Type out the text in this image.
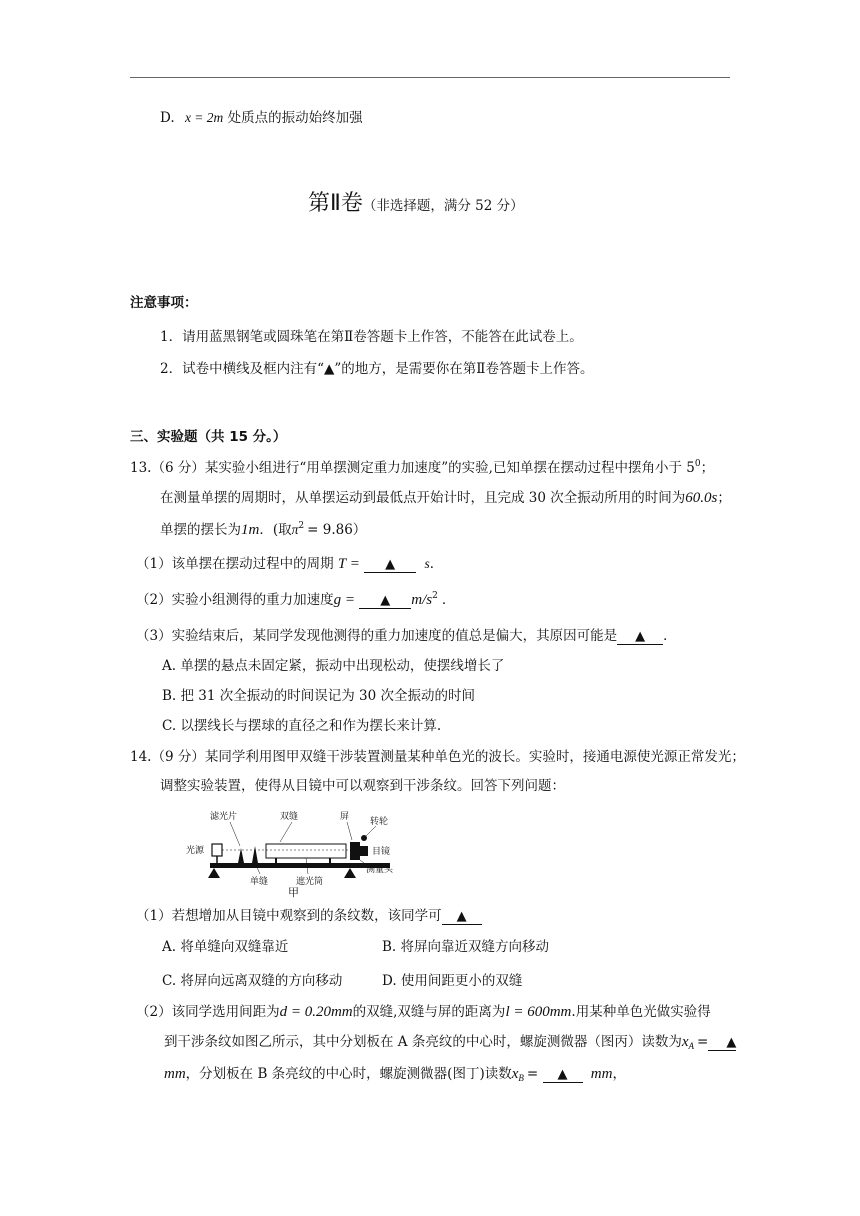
D. x = 2m 处质点的振动始终加强
第Ⅱ卷（非选择题，满分 52 分）
注意事项：
1．请用蓝黑钢笔或圆珠笔在第Ⅱ卷答题卡上作答，不能答在此试卷上。
2．试卷中横线及框内注有“▲”的地方，是需要你在第Ⅱ卷答题卡上作答。
三、实验题（共 15 分。）
13.（6 分）某实验小组进行“用单摆测定重力加速度”的实验,已知单摆在摆动过程中摆角小于 $5^0$；
在测量单摆的周期时，从单摆运动到最低点开始计时，且完成 30 次全振动所用的时间为60.0s；
单摆的摆长为1m．(取$\pi^2 = 9.86$）
（1）该单摆在摆动过程中的周期 T = ▲ s．
（2）实验小组测得的重力加速度g = ▲ $m/s^2$ ．
（3）实验结束后，某同学发现他测得的重力加速度的值总是偏大，其原因可能是 ▲ ．
A. 单摆的悬点未固定紧，振动中出现松动，使摆线增长了
B. 把 31 次全振动的时间误记为 30 次全振动的时间
C. 以摆线长与摆球的直径之和作为摆长来计算.
14.（9 分）某同学利用图甲双缝干涉装置测量某种单色光的波长。实验时，接通电源使光源正常发光；
调整实验装置，使得从目镜中可以观察到干涉条纹。回答下列问题：
滤光片	双缝	屏 转轮
光源	目镜
单缝	遮光筒
测量头
甲
（1）若想增加从目镜中观察到的条纹数，该同学可 ▲
A. 将单缝向双缝靠近	B. 将屏向靠近双缝方向移动
C. 将屏向远离双缝的方向移动	D. 使用间距更小的双缝
（2）该同学选用间距为d = 0.20mm的双缝,双缝与屏的距离为l = 600mm.用某种单色光做实验得
到干涉条纹如图乙所示，其中分划板在 A 条亮纹的中心时，螺旋测微器（图丙）读数为$x_A$ = ▲
mm，分划板在 B 条亮纹的中心时，螺旋测微器(图丁)读数$x_B$ = ▲ mm，
